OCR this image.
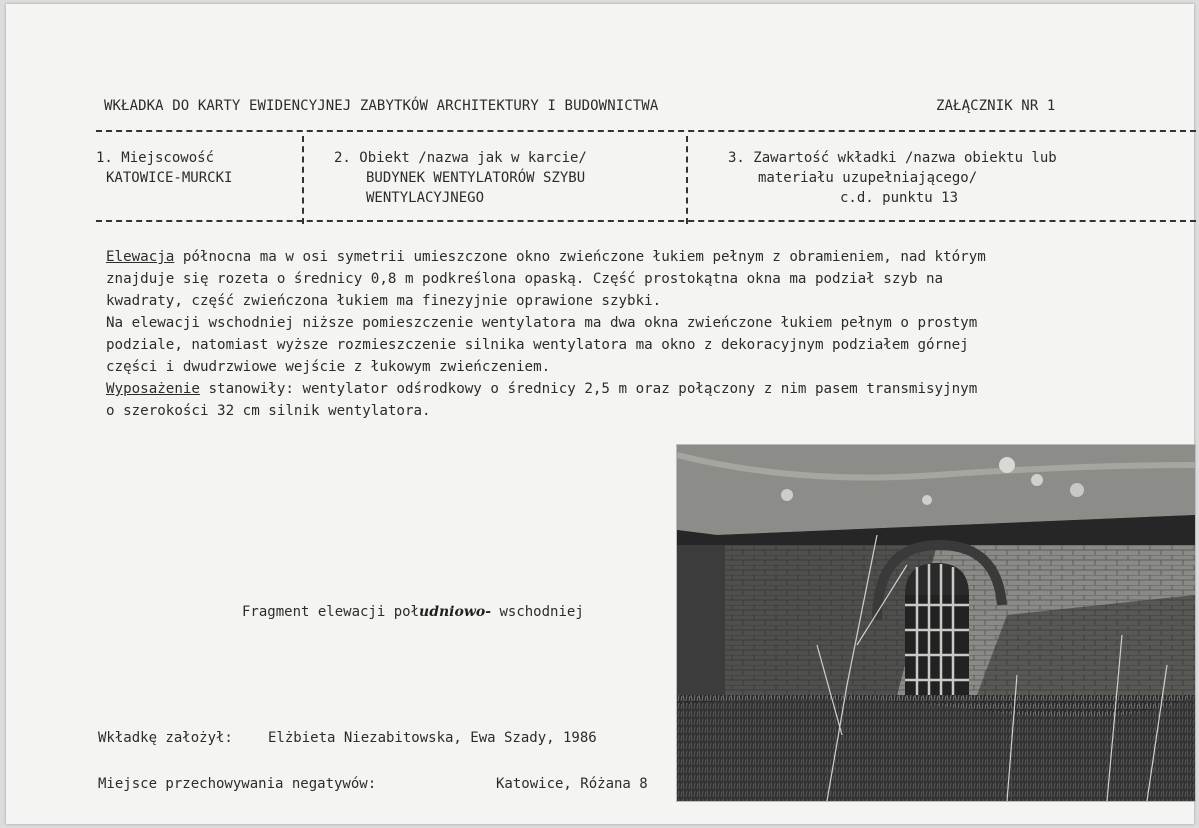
WKŁADKA DO KARTY EWIDENCYJNEJ ZABYTKÓW ARCHITEKTURY I BUDOWNICTWA	ZAŁĄCZNIK NR 1
1. Miejscowość
KATOWICE-MURCKI
2. Obiekt /nazwa jak w karcie/
BUDYNEK WENTYLATORÓW SZYBU
WENTYLACYJNEGO
3. Zawartość wkładki /nazwa obiektu lub
materiału uzupełniającego/
c.d. punktu 13
Elewacja północna ma w osi symetrii umieszczone okno zwieńczone łukiem pełnym z obramieniem, nad którym
znajduje się rozeta o średnicy 0,8 m podkreślona opaską. Część prostokątna okna ma podział szyb na
kwadraty, część zwieńczona łukiem ma finezyjnie oprawione szybki.
Na elewacji wschodniej niższe pomieszczenie wentylatora ma dwa okna zwieńczone łukiem pełnym o prostym
podziale, natomiast wyższe rozmieszczenie silnika wentylatora ma okno z dekoracyjnym podziałem górnej
części i dwudrzwiowe wejście z łukowym zwieńczeniem.
Wyposażenie stanowiły: wentylator odśrodkowy o średnicy 2,5 m oraz połączony z nim pasem transmisyjnym
o szerokości 32 cm silnik wentylatora.
Fragment elewacji południowo- wschodniej
Wkładkę założył:	Elżbieta Niezabitowska, Ewa Szady, 1986
Miejsce przechowywania negatywów:	Katowice, Różana 8
